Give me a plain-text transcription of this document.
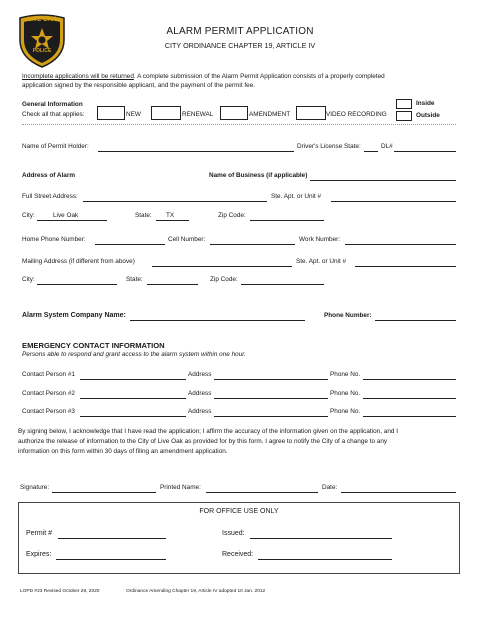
LIVE OAK
POLICE
ALARM PERMIT APPLICATION
CITY ORDINANCE CHAPTER 19, ARTICLE IV
Incomplete applications will be returned. A complete submission of the Alarm Permit Application consists of a properly completed
application signed by the responsible applicant, and the payment of the permit fee.
General Information
Check all that applies:	NEW	RENEWAL	AMENDMENT	VIDEO RECORDING
Inside
Outside
Name of Permit Holder:	Driver's License State:	DL#
Address of Alarm	Name of Business (if applicable)
Full Street Address:	Ste. Apt. or Unit #
City:	Live Oak	State: TX	Zip Code:
Home Phone Number:	Cell Number:	Work Number:
Mailing Address (if different from above)	Ste. Apt. or Unit #
City:	State:	Zip Code:
Alarm System Company Name:	Phone Number:
EMERGENCY CONTACT INFORMATION
Persons able to respond and grant access to the alarm system within one hour.
Contact Person #1	Address	Phone No.
Contact Person #2	Address	Phone No.
Contact Person #3	Address	Phone No.
By signing below, I acknowledge that I have read the application; I affirm the accuracy of the information given on the application, and I
authorize the release of information to the City of Live Oak as provided for by this form. I agree to notify the City of a change to any
information on this form within 30 days of filing an amendment application.
Signature:	Printed Name:	Date:
FOR OFFICE USE ONLY
Permit #	Issued:
Expires:	Received:
LOPD #23 Revised October 28, 2020	Ordinance Amending Chapter 19, Article IV adopted 10 Jan. 2012
